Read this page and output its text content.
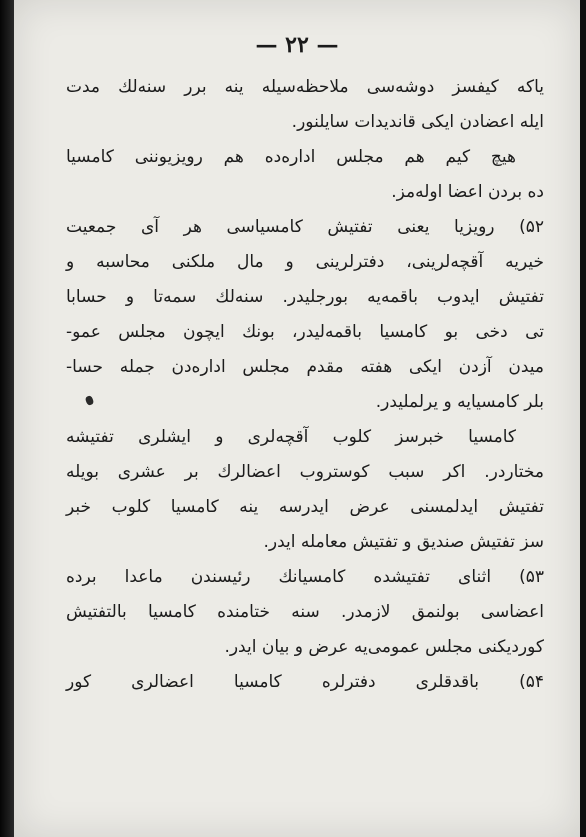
— ۲۲ —
یاکه کیفسز دوشه‌سی ملاحظه‌سیله ینه برر سنه‌لك مدت
ایله اعضادن ایکی قاندیدات سایلنور.
هیچ کیم هم مجلس اداره‌ده هم رویزیوننی کامسیا
ده بردن اعضا اوله‌مز.
۵۲) رویزیا یعنی تفتیش کامسیاسی هر آی جمعیت
خیریه آقچه‌لرینی، دفترلرینی و مال ملکنی محاسبه و
تفتیش ایدوب باقمه‌یه بورجلیدر. سنه‌لك سمه‌تا و حسابا
تی دخی بو کامسیا باقمه‌لیدر، بونك ایچون مجلس عمو-
میدن آزدن ایکی هفته مقدم مجلس اداره‌دن جمله حسا-
بلر کامسیایه و یرلملیدر.
کامسیا خبرسز کلوب آقچه‌لری و ایشلری تفتیشه
مختاردر. اکر سبب کوستروب اعضالرك بر عشری بویله
تفتیش ایدلمسنی عرض ایدرسه ینه کامسیا کلوب خبر
سز تفتیش صندیق و تفتیش معامله ایدر.
۵۳) اثنای تفتیشده کامسیانك رئیسندن ماعدا برده
اعضاسی بولنمق لازمدر. سنه ختامنده کامسیا بالتفتیش
کوردیکنی مجلس عمومی‌یه عرض و بیان ایدر.
۵۴) باقدقلری دفترلره کامسیا اعضالری کور
